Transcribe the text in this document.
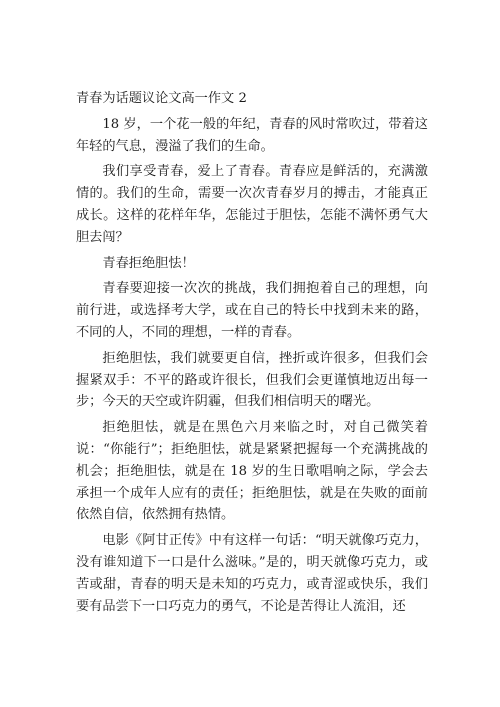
青春为话题议论文高一作文 2

18 岁，一个花一般的年纪，青春的风时常吹过，带着这年轻的气息，漫溢了我们的生命。

我们享受青春，爱上了青春。青春应是鲜活的，充满激情的。我们的生命，需要一次次青春岁月的搏击，才能真正成长。这样的花样年华，怎能过于胆怯，怎能不满怀勇气大胆去闯？

青春拒绝胆怯！

青春要迎接一次次的挑战，我们拥抱着自己的理想，向前行进，或选择考大学，或在自己的特长中找到未来的路，不同的人，不同的理想，一样的青春。

拒绝胆怯，我们就要更自信，挫折或许很多，但我们会握紧双手：不平的路或许很长，但我们会更谨慎地迈出每一步；今天的天空或许阴霾，但我们相信明天的曙光。

拒绝胆怯，就是在黑色六月来临之时，对自己微笑着说：“你能行”；拒绝胆怯，就是紧紧把握每一个充满挑战的机会；拒绝胆怯，就是在 18 岁的生日歌唱响之际，学会去承担一个成年人应有的责任；拒绝胆怯，就是在失败的面前依然自信，依然拥有热情。

电影《阿甘正传》中有这样一句话：“明天就像巧克力，没有谁知道下一口是什么滋味。”是的，明天就像巧克力，或苦或甜，青春的明天是未知的巧克力，或青涩或快乐，我们要有品尝下一口巧克力的勇气，不论是苦得让人流泪，还
